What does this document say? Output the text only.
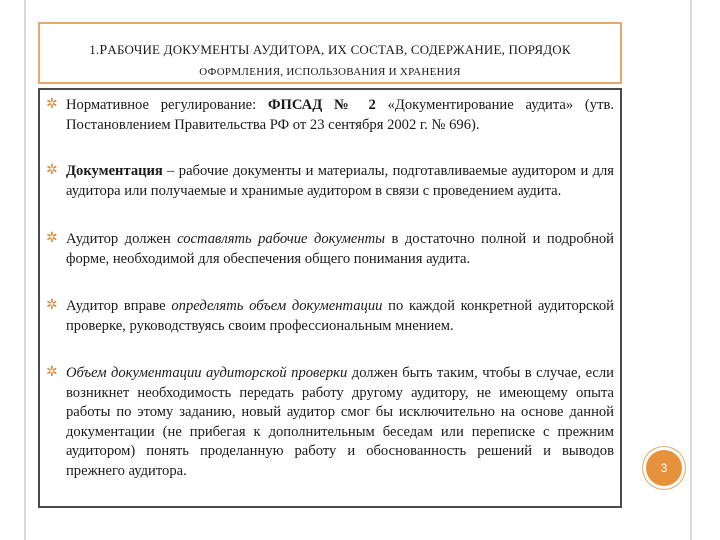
1.РАБОЧИЕ ДОКУМЕНТЫ АУДИТОРА, ИХ СОСТАВ, СОДЕРЖАНИЕ, ПОРЯДОК
ОФОРМЛЕНИЯ, ИСПОЛЬЗОВАНИЯ И ХРАНЕНИЯ
✲ Нормативное регулирование: ФПСАД № 2 «Документирование аудита» (утв. Постановлением Правительства РФ от 23 сентября 2002 г. № 696).
✲ Документация – рабочие документы и материалы, подготавливаемые аудитором и для аудитора или получаемые и хранимые аудитором в связи с проведением аудита.
✲ Аудитор должен составлять рабочие документы в достаточно полной и подробной форме, необходимой для обеспечения общего понимания аудита.
✲ Аудитор вправе определять объем документации по каждой конкретной аудиторской проверке, руководствуясь своим профессиональным мнением.
✲ Объем документации аудиторской проверки должен быть таким, чтобы в случае, если возникнет необходимость передать работу другому аудитору, не имеющему опыта работы по этому заданию, новый аудитор смог бы исключительно на основе данной документации (не прибегая к дополнительным беседам или переписке с прежним аудитором) понять проделанную работу и обоснованность решений и выводов прежнего аудитора.	3
